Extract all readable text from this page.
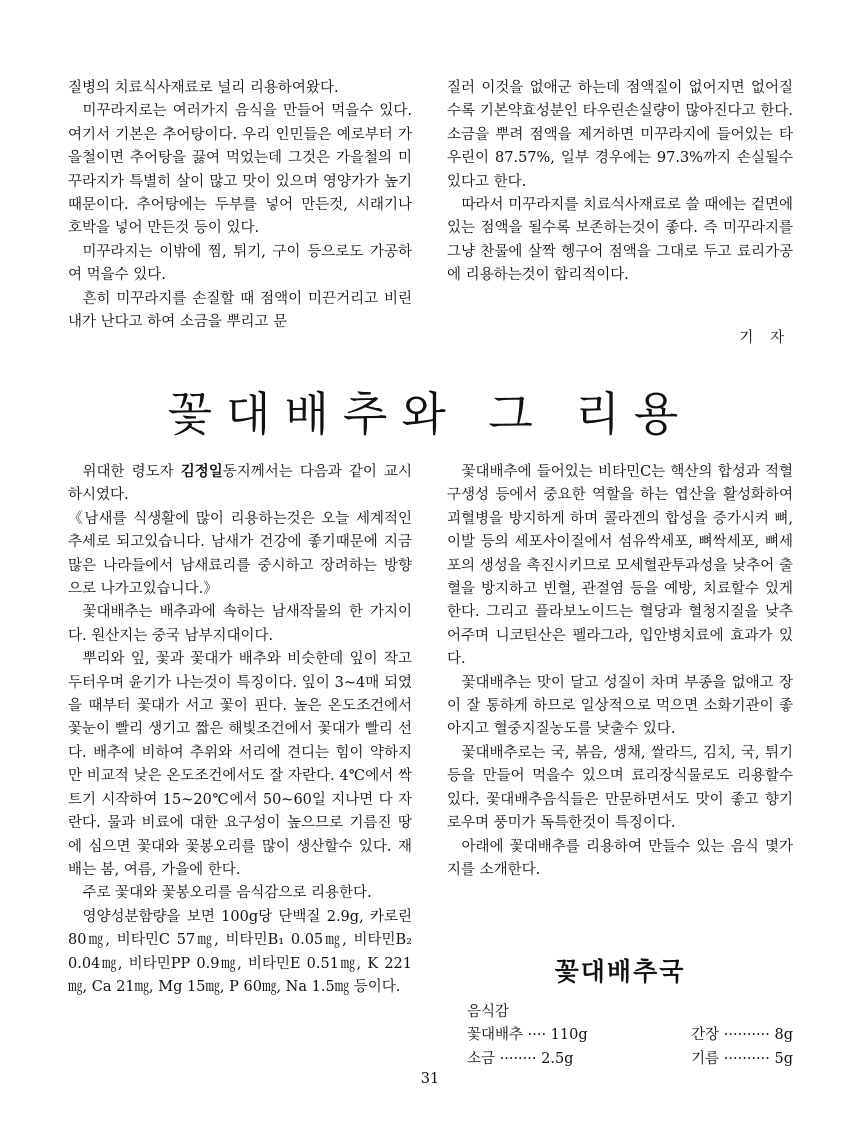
질병의 치료식사재료로 널리 리용하여왔다.

미꾸라지로는 여러가지 음식을 만들어 먹을수 있다. 여기서 기본은 추어탕이다. 우리 인민들은 예로부터 가을철이면 추어탕을 끓여 먹었는데 그것은 가을철의 미꾸라지가 특별히 살이 많고 맛이 있으며 영양가가 높기때문이다. 추어탕에는 두부를 넣어 만든것, 시래기나 호박을 넣어 만든것 등이 있다.

미꾸라지는 이밖에 찜, 튀기, 구이 등으로도 가공하여 먹을수 있다.

흔히 미꾸라지를 손질할 때 점액이 미끈거리고 비린내가 난다고 하여 소금을 뿌리고 문

질러 이것을 없애군 하는데 점액질이 없어지면 없어질수록 기본약효성분인 타우린손실량이 많아진다고 한다. 소금을 뿌려 점액을 제거하면 미꾸라지에 들어있는 타우린이 87.57%, 일부 경우에는 97.3%까지 손실될수 있다고 한다.

따라서 미꾸라지를 치료식사재료로 쓸 때에는 겉면에 있는 점액을 될수록 보존하는것이 좋다. 즉 미꾸라지를 그냥 찬물에 살짝 헹구어 점액을 그대로 두고 료리가공에 리용하는것이 합리적이다.

기 자
꽃대배추와 그 리용

위대한 령도자 김정일동지께서는 다음과 같이 교시하시였다.

《남새를 식생활에 많이 리용하는것은 오늘 세계적인 추세로 되고있습니다. 남새가 건강에 좋기때문에 지금 많은 나라들에서 남새료리를 중시하고 장려하는 방향으로 나가고있습니다.》

꽃대배추는 배추과에 속하는 남새작물의 한 가지이다. 원산지는 중국 남부지대이다.

뿌리와 잎, 꽃과 꽃대가 배추와 비슷한데 잎이 작고 두터우며 윤기가 나는것이 특징이다. 잎이 3~4매 되였을 때부터 꽃대가 서고 꽃이 핀다. 높은 온도조건에서 꽃눈이 빨리 생기고 짧은 해빛조건에서 꽃대가 빨리 선다. 배추에 비하여 추위와 서리에 견디는 힘이 약하지만 비교적 낮은 온도조건에서도 잘 자란다. 4℃에서 싹트기 시작하여 15~20℃에서 50~60일 지나면 다 자란다. 물과 비료에 대한 요구성이 높으므로 기름진 땅에 심으면 꽃대와 꽃봉오리를 많이 생산할수 있다. 재배는 봄, 여름, 가을에 한다.

주로 꽃대와 꽃봉오리를 음식감으로 리용한다.

영양성분함량을 보면 100g당 단백질 2.9g, 카로린 80㎎, 비타민C 57㎎, 비타민B₁ 0.05㎎, 비타민B₂ 0.04㎎, 비타민PP 0.9㎎, 비타민E 0.51㎎, K 221㎎, Ca 21㎎, Mg 15㎎, P 60㎎, Na 1.5㎎ 등이다.

꽃대배추에 들어있는 비타민C는 핵산의 합성과 적혈구생성 등에서 중요한 역할을 하는 엽산을 활성화하여 괴혈병을 방지하게 하며 콜라겐의 합성을 증가시켜 뼈, 이발 등의 세포사이질에서 섬유싹세포, 뼈싹세포, 뼈세포의 생성을 촉진시키므로 모세혈관투과성을 낮추어 출혈을 방지하고 빈혈, 관절염 등을 예방, 치료할수 있게 한다. 그리고 플라보노이드는 혈당과 혈청지질을 낮추어주며 니코틴산은 펠라그라, 입안병치료에 효과가 있다.

꽃대배추는 맛이 달고 성질이 차며 부종을 없애고 장이 잘 통하게 하므로 일상적으로 먹으면 소화기관이 좋아지고 혈중지질농도를 낮출수 있다.

꽃대배추로는 국, 볶음, 생채, 쌀라드, 김치, 국, 튀기 등을 만들어 먹을수 있으며 료리장식물로도 리용할수 있다. 꽃대배추음식들은 만문하면서도 맛이 좋고 향기로우며 풍미가 독특한것이 특징이다.

아래에 꽃대배추를 리용하여 만들수 있는 음식 몇가지를 소개한다.

꽃대배추국
음식감
꽃대배추 ···· 110g	간장 ·········· 8g
소금 ········ 2.5g	기름 ·········· 5g
31
